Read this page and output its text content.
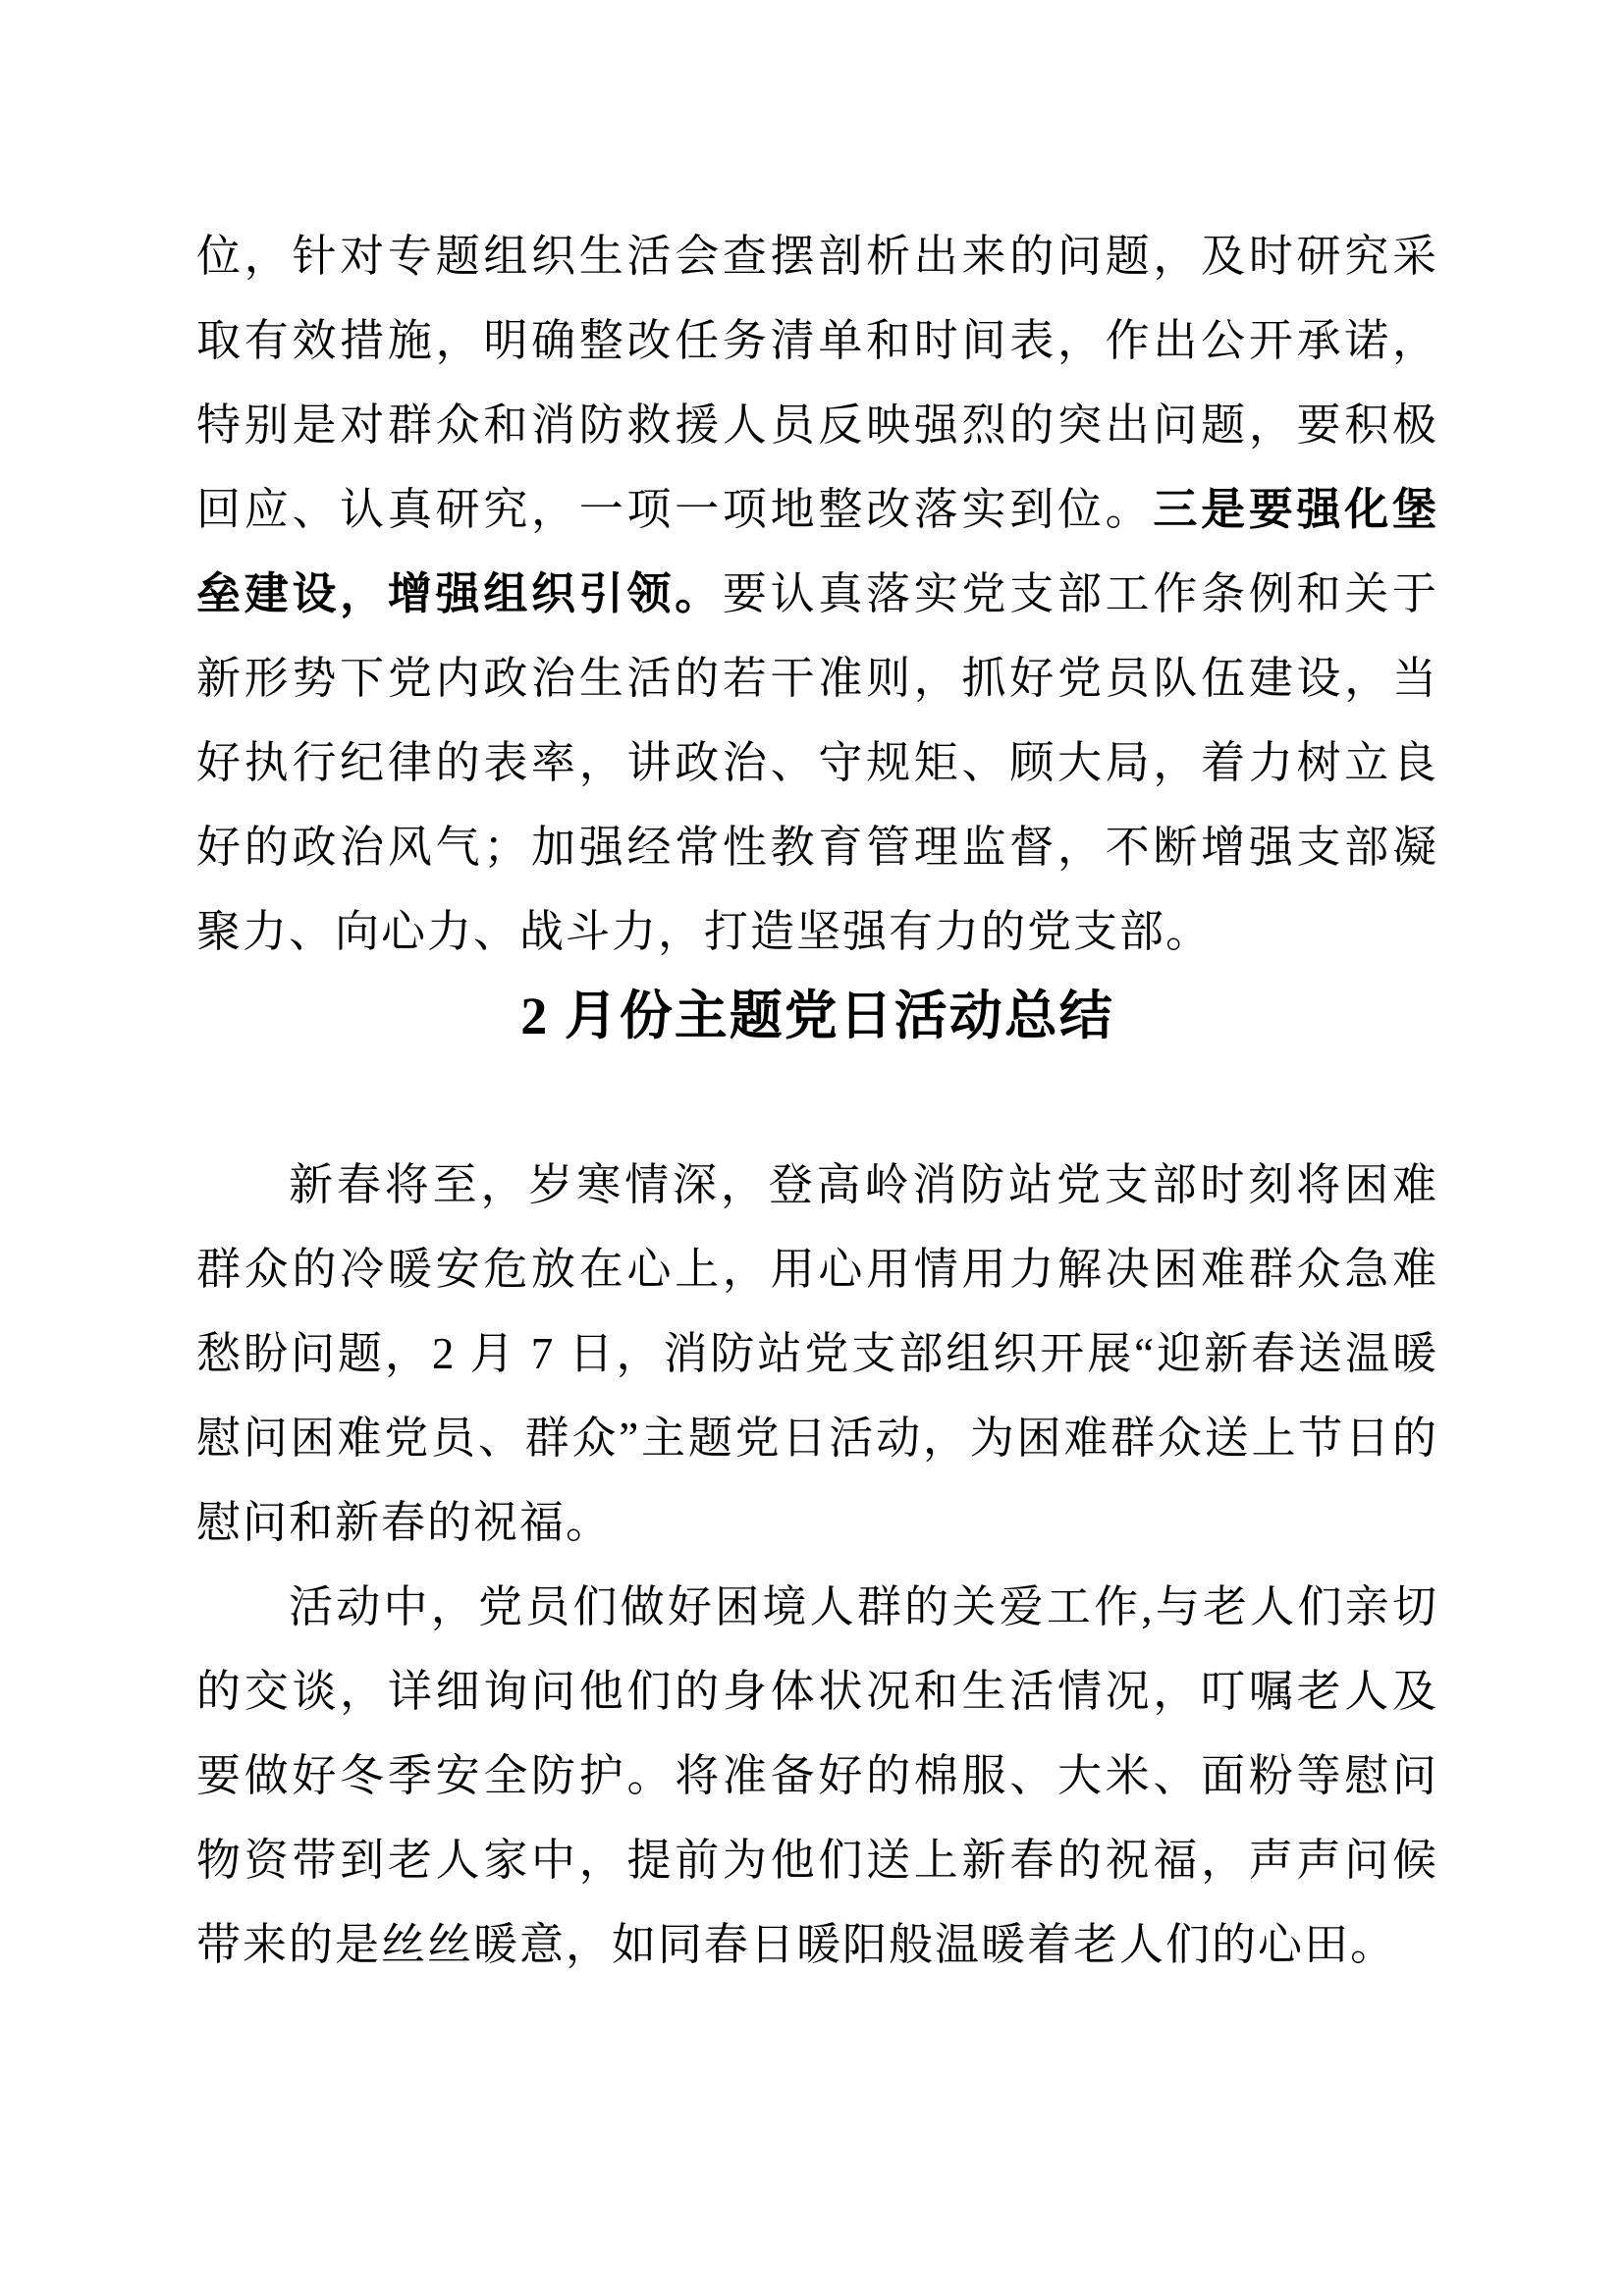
位，针对专题组织生活会查摆剖析出来的问题，及时研究采取有效措施，明确整改任务清单和时间表，作出公开承诺，特别是对群众和消防救援人员反映强烈的突出问题，要积极回应、认真研究，一项一项地整改落实到位。三是要强化堡垒建设，增强组织引领。要认真落实党支部工作条例和关于新形势下党内政治生活的若干准则，抓好党员队伍建设，当好执行纪律的表率，讲政治、守规矩、顾大局，着力树立良好的政治风气；加强经常性教育管理监督，不断增强支部凝聚力、向心力、战斗力，打造坚强有力的党支部。

2 月份主题党日活动总结

新春将至，岁寒情深，登高岭消防站党支部时刻将困难群众的冷暖安危放在心上，用心用情用力解决困难群众急难愁盼问题，2 月 7 日，消防站党支部组织开展“迎新春送温暖慰问困难党员、群众”主题党日活动，为困难群众送上节日的慰问和新春的祝福。

活动中，党员们做好困境人群的关爱工作,与老人们亲切的交谈，详细询问他们的身体状况和生活情况，叮嘱老人及要做好冬季安全防护。将准备好的棉服、大米、面粉等慰问物资带到老人家中，提前为他们送上新春的祝福，声声问候带来的是丝丝暖意，如同春日暖阳般温暖着老人们的心田。
